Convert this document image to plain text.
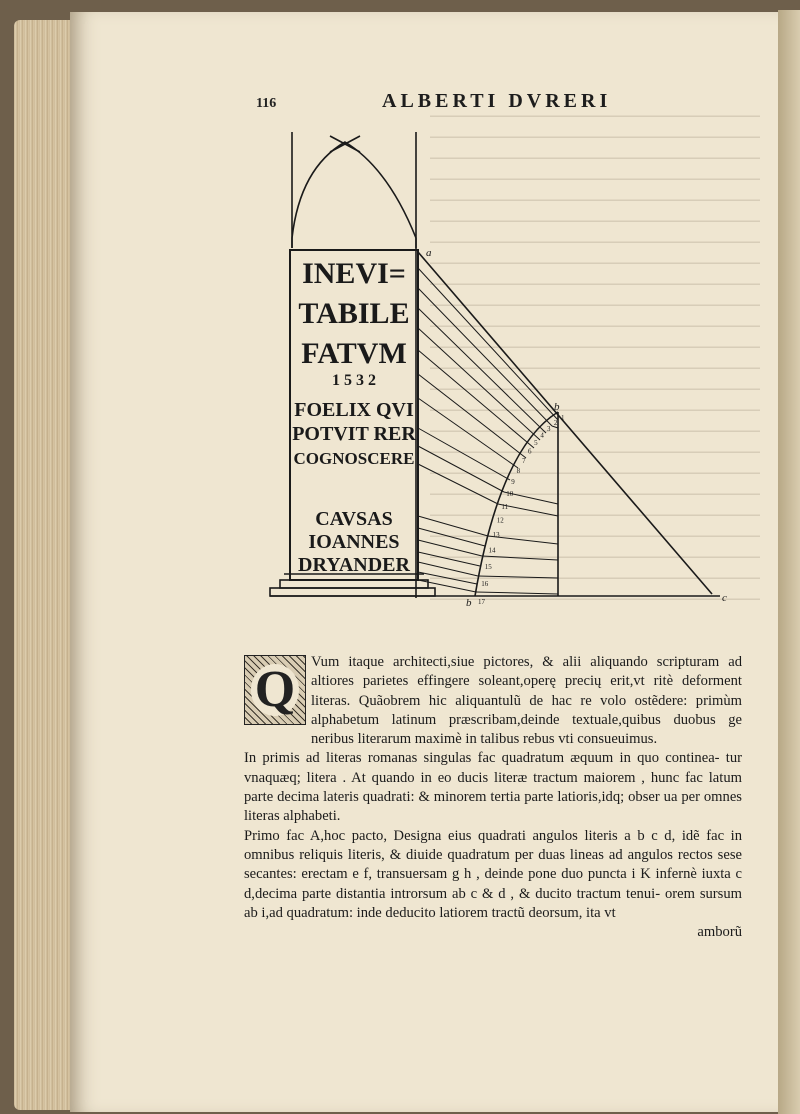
116	ALBERTI DVRERI
INEVI=
TABILE
FATVM
1 5 3 2
FOELIX QVI
POTVIT RER
COGNOSCERE
CAVSAS
IOANNES
DRYANDER
a
b
b	c
1
2
3
4
5
6
7
8
9
10
11
12
13
14
15
16
17
Q Vum itaque architecti,siue pictores, & alii aliquando scripturam ad altiores parietes effingere soleant,operę precių erit,vt ritè deforment literas. Quãobrem hic aliquantulũ de hac re volo ostẽdere: primùm alphabetum latinum præscribam,deinde textuale,quibus duobus ge neribus literarum maximè in talibus rebus vti consueuimus.

In primis ad literas romanas singulas fac quadratum æquum in quo continea- tur vnaquæq; litera . At quando in eo ducis literæ tractum maiorem , hunc fac latum parte decima lateris quadrati: & minorem tertia parte latioris,idq; obser ua per omnes literas alphabeti.

Primo fac A,hoc pacto, Designa eius quadrati angulos literis a b c d, idẽ fac in omnibus reliquis literis, & diuide quadratum per duas lineas ad angulos rectos sese secantes: erectam e f, transuersam g h , deinde pone duo puncta i K infernè iuxta c d,decima parte distantia introrsum ab c & d , & ducito tractum tenui- orem sursum ab i,ad quadratum: inde deducito latiorem tractũ deorsum, ita vt

amborũ
